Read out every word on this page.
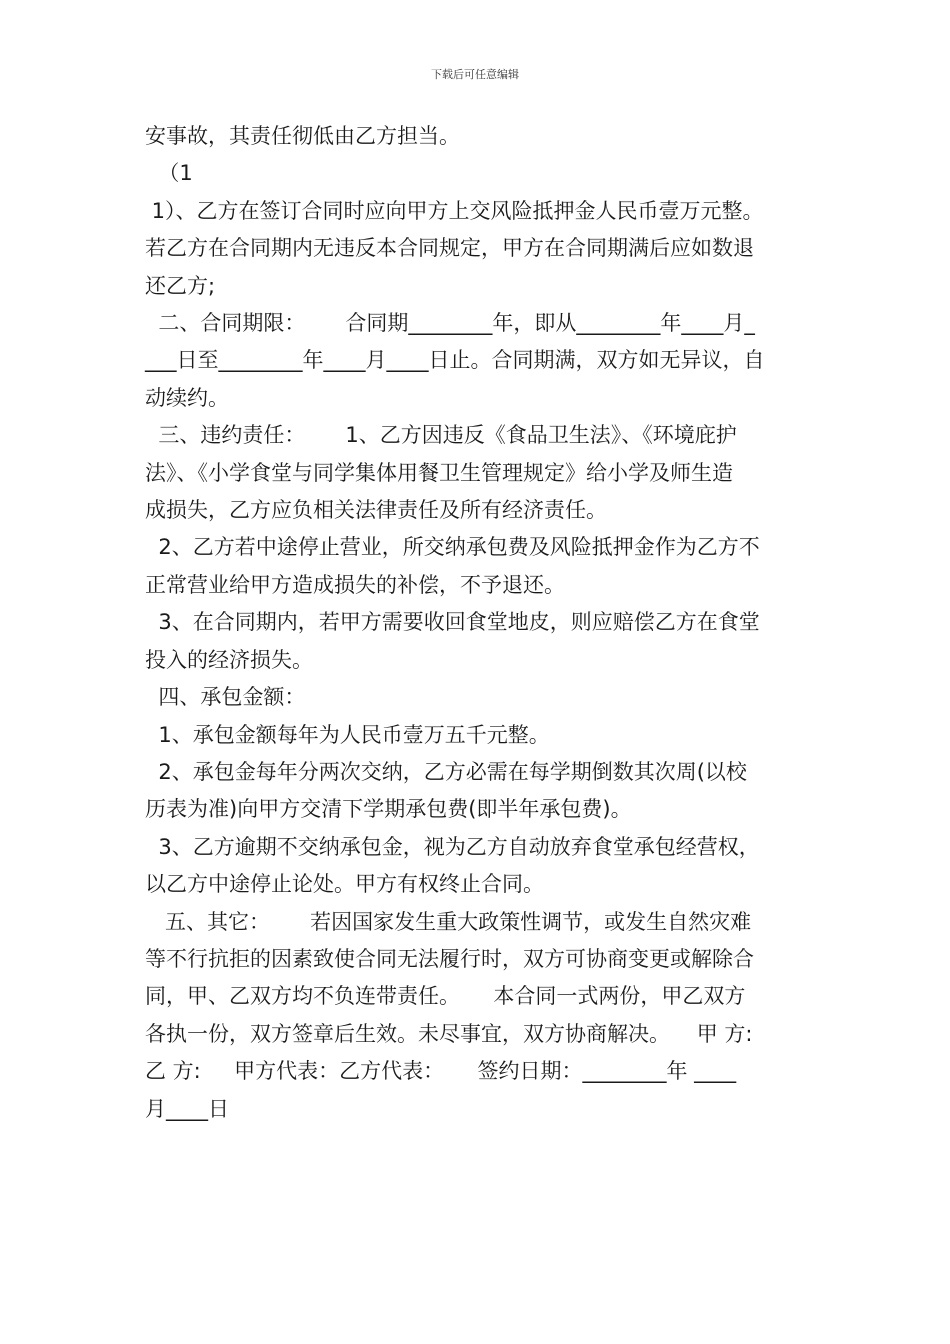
下载后可任意编辑
安事故，其责任彻低由乙方担当。
（1
1）、乙方在签订合同时应向甲方上交风险抵押金人民币壹万元整。
若乙方在合同期内无违反本合同规定，甲方在合同期满后应如数退
还乙方;
二、合同期限：      合同期________年，即从________年____月_
___日至________年____月____日止。合同期满，双方如无异议，自
动续约。
三、违约责任：      1、乙方因违反《食品卫生法》、《环境庇护
法》、《小学食堂与同学集体用餐卫生管理规定》给小学及师生造
成损失，乙方应负相关法律责任及所有经济责任。
2、乙方若中途停止营业，所交纳承包费及风险抵押金作为乙方不
正常营业给甲方造成损失的补偿，不予退还。
3、在合同期内，若甲方需要收回食堂地皮，则应赔偿乙方在食堂
投入的经济损失。
四、承包金额：
1、承包金额每年为人民币壹万五千元整。
2、承包金每年分两次交纳，乙方必需在每学期倒数其次周(以校
历表为准)向甲方交清下学期承包费(即半年承包费)。
3、乙方逾期不交纳承包金，视为乙方自动放弃食堂承包经营权，
以乙方中途停止论处。甲方有权终止合同。
五、其它：      若因国家发生重大政策性调节，或发生自然灾难
等不行抗拒的因素致使合同无法履行时，双方可协商变更或解除合
同，甲、乙双方均不负连带责任。     本合同一式两份，甲乙双方
各执一份，双方签章后生效。未尽事宜，双方协商解决。    甲 方:
乙 方:     甲方代表：乙方代表：     签约日期：________年 ____
月____日
